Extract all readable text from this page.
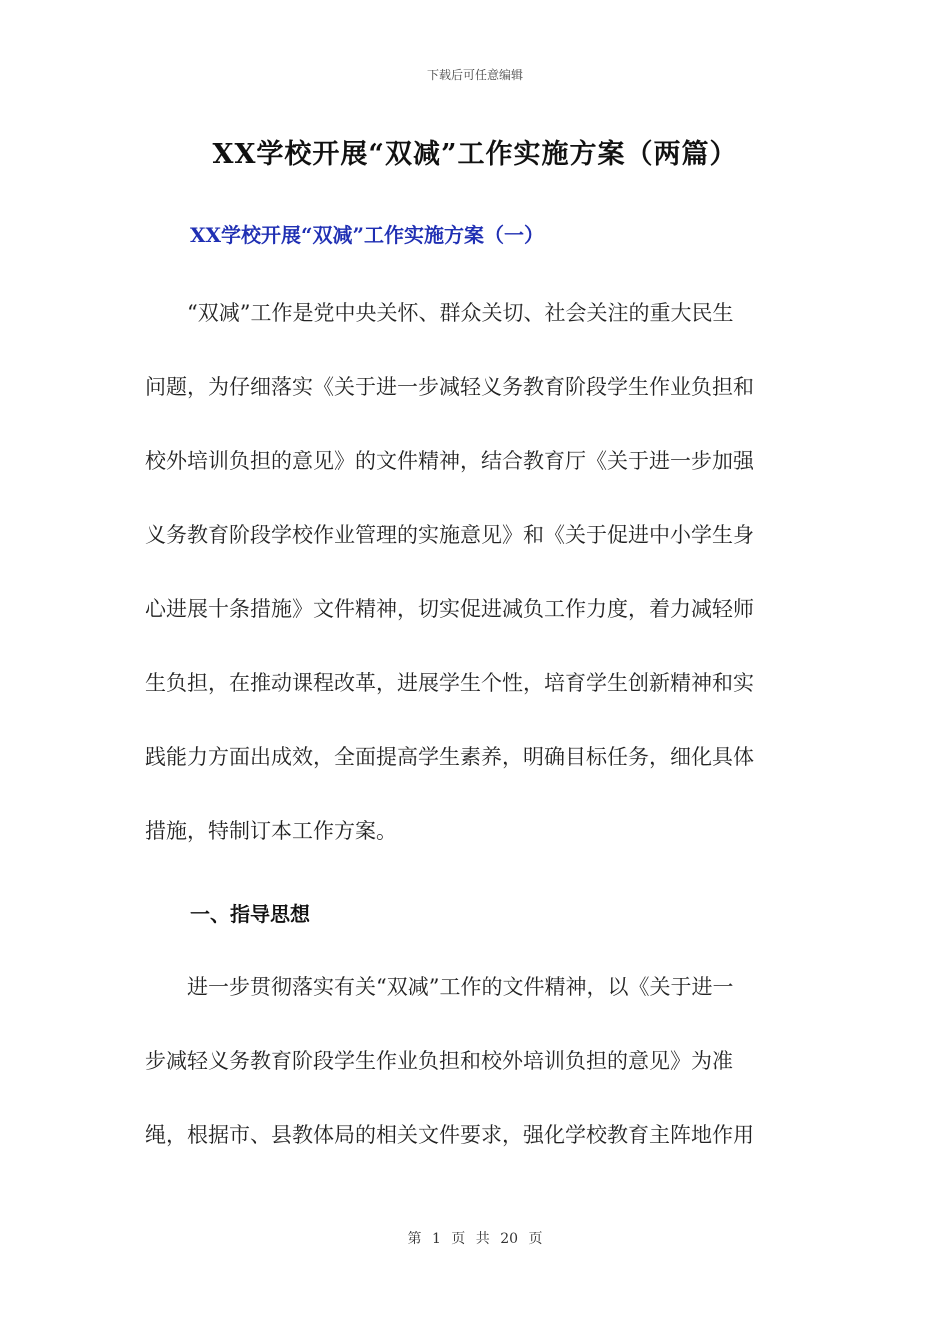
下载后可任意编辑
XX学校开展“双减”工作实施方案（两篇）
XX学校开展“双减”工作实施方案（一）
　　“双减”工作是党中央关怀、群众关切、社会关注的重大民生
问题，为仔细落实《关于进一步减轻义务教育阶段学生作业负担和
校外培训负担的意见》的文件精神，结合教育厅《关于进一步加强
义务教育阶段学校作业管理的实施意见》和《关于促进中小学生身
心进展十条措施》文件精神，切实促进减负工作力度，着力减轻师
生负担，在推动课程改革，进展学生个性，培育学生创新精神和实
践能力方面出成效，全面提高学生素养，明确目标任务，细化具体
措施，特制订本工作方案。
一、指导思想
　　进一步贯彻落实有关“双减”工作的文件精神，以《关于进一
步减轻义务教育阶段学生作业负担和校外培训负担的意见》为准
绳，根据市、县教体局的相关文件要求，强化学校教育主阵地作用
第 1 页 共 20 页
